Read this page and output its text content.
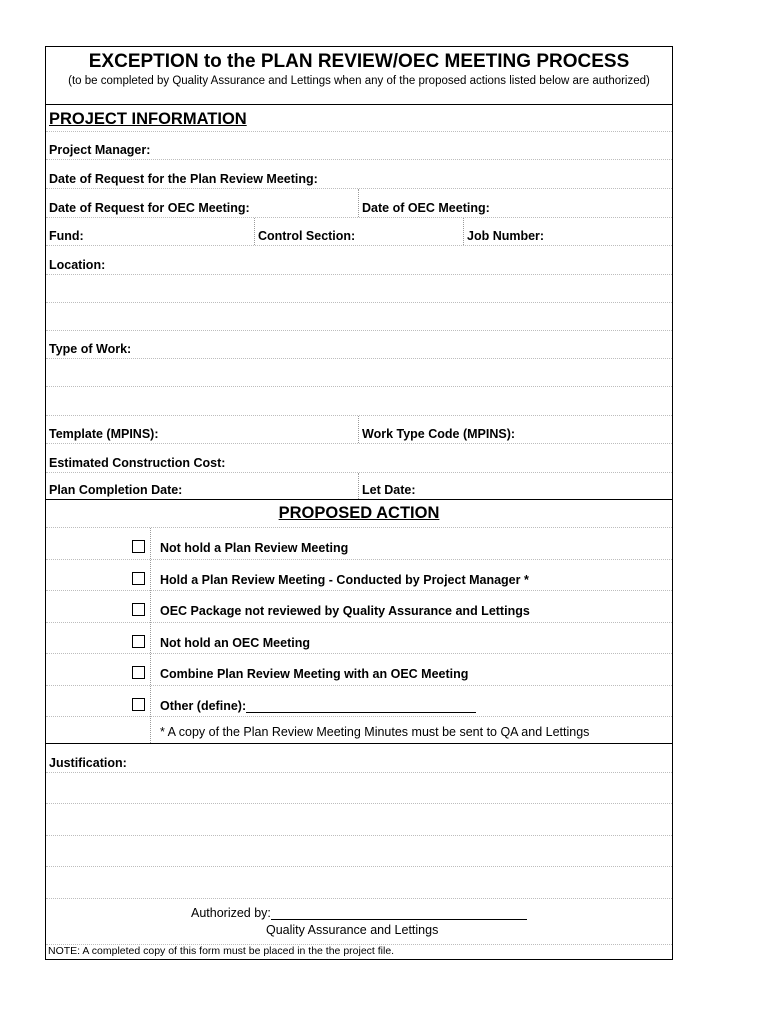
EXCEPTION to the PLAN REVIEW/OEC MEETING PROCESS
(to be completed by Quality Assurance and Lettings when any of the proposed actions listed below are authorized)
PROJECT INFORMATION
Project Manager:
Date of Request for the Plan Review Meeting:
Date of Request for OEC Meeting:	Date of OEC Meeting:
Fund:	Control Section:	Job Number:
Location:
Type of Work:
Template (MPINS):	Work Type Code (MPINS):
Estimated Construction Cost:
Plan Completion Date:	Let Date:
PROPOSED ACTION
Not hold a Plan Review Meeting
Hold a Plan Review Meeting - Conducted by Project Manager *
OEC Package not reviewed by Quality Assurance and Lettings
Not hold an OEC Meeting
Combine Plan Review Meeting with an OEC Meeting
Other (define):
* A copy of the Plan Review Meeting Minutes must be sent to QA and Lettings
Justification:
Authorized by:
Quality Assurance and Lettings
NOTE: A completed copy of this form must be placed in the the project file.
